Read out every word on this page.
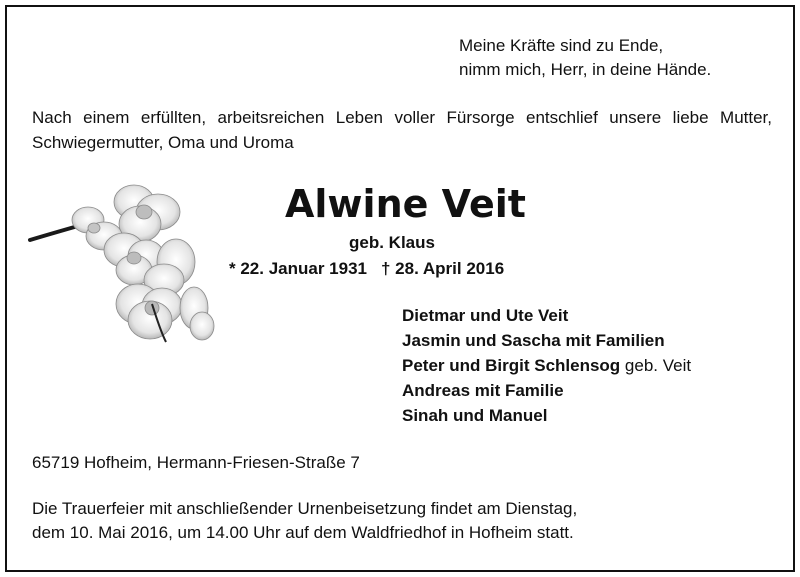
Meine Kräfte sind zu Ende,
nimm mich, Herr, in deine Hände.
Nach einem erfüllten, arbeitsreichen Leben voller Fürsorge entschlief unsere liebe Mutter, Schwiegermutter, Oma und Uroma
Alwine Veit
geb. Klaus
* 22. Januar 1931 † 28. April 2016
Dietmar und Ute Veit
Jasmin und Sascha mit Familien
Peter und Birgit Schlensog geb. Veit
Andreas mit Familie
Sinah und Manuel
65719 Hofheim, Hermann-Friesen-Straße 7
Die Trauerfeier mit anschließender Urnenbeisetzung findet am Dienstag,
dem 10. Mai 2016, um 14.00 Uhr auf dem Waldfriedhof in Hofheim statt.
